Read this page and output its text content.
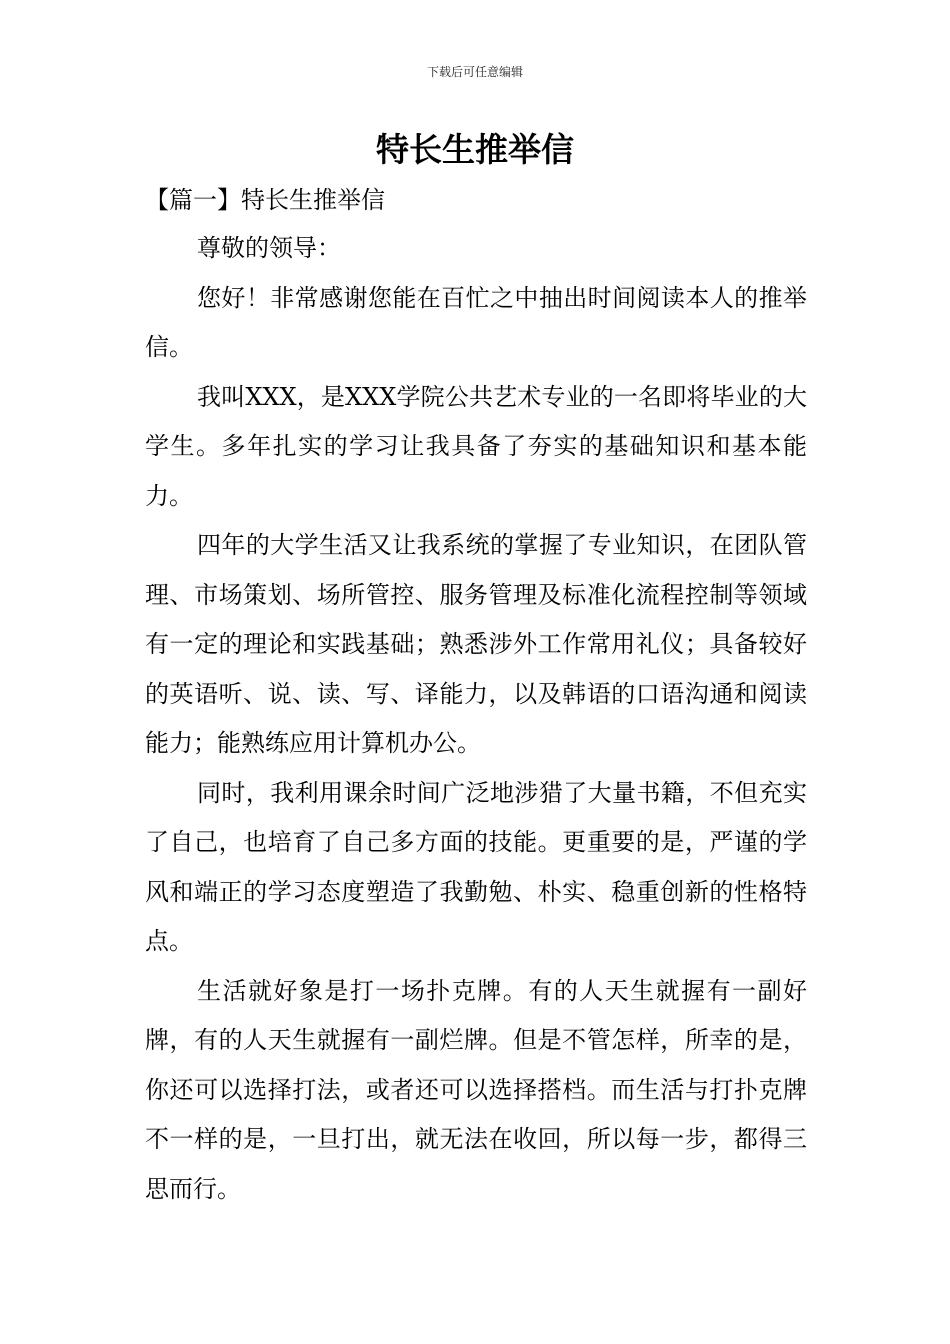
下载后可任意编辑
特长生推举信

【篇一】特长生推举信

尊敬的领导：

您好！非常感谢您能在百忙之中抽出时间阅读本人的推举信。

我叫XXX，是XXX学院公共艺术专业的一名即将毕业的大学生。多年扎实的学习让我具备了夯实的基础知识和基本能力。

四年的大学生活又让我系统的掌握了专业知识，在团队管理、市场策划、场所管控、服务管理及标准化流程控制等领域有一定的理论和实践基础；熟悉涉外工作常用礼仪；具备较好的英语听、说、读、写、译能力，以及韩语的口语沟通和阅读能力；能熟练应用计算机办公。

同时，我利用课余时间广泛地涉猎了大量书籍，不但充实了自己，也培育了自己多方面的技能。更重要的是，严谨的学风和端正的学习态度塑造了我勤勉、朴实、稳重创新的性格特点。

生活就好象是打一场扑克牌。有的人天生就握有一副好牌，有的人天生就握有一副烂牌。但是不管怎样，所幸的是，你还可以选择打法，或者还可以选择搭档。而生活与打扑克牌不一样的是，一旦打出，就无法在收回，所以每一步，都得三思而行。
